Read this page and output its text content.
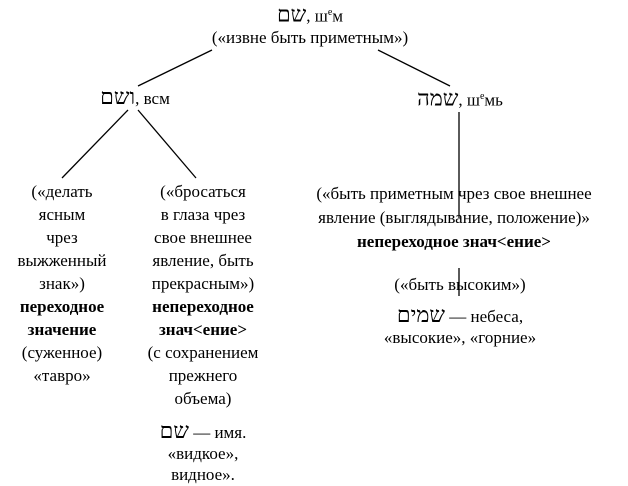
שם, $ш^eм$
(«извне быть приметным»)
ושם, всм	שמה, $ш^eмь$
(«делать
ясным
чрез
выжженный
знак»)
переходное
значение
(суженное)
«тавро»
(«бросаться
в глаза чрез
свое внешнее
явление, быть
прекрасным»)
непереходное
знач<ение>
(с сохранением
прежнего
объема)
שם — имя.
«видкое»,
видное».
(«быть приметным чрез свое внешнее
явление (выглядывание, положение)»
непереходное знач<ение>
(«быть высоким»)
שמים — небеса,
«высокие», «горние»
